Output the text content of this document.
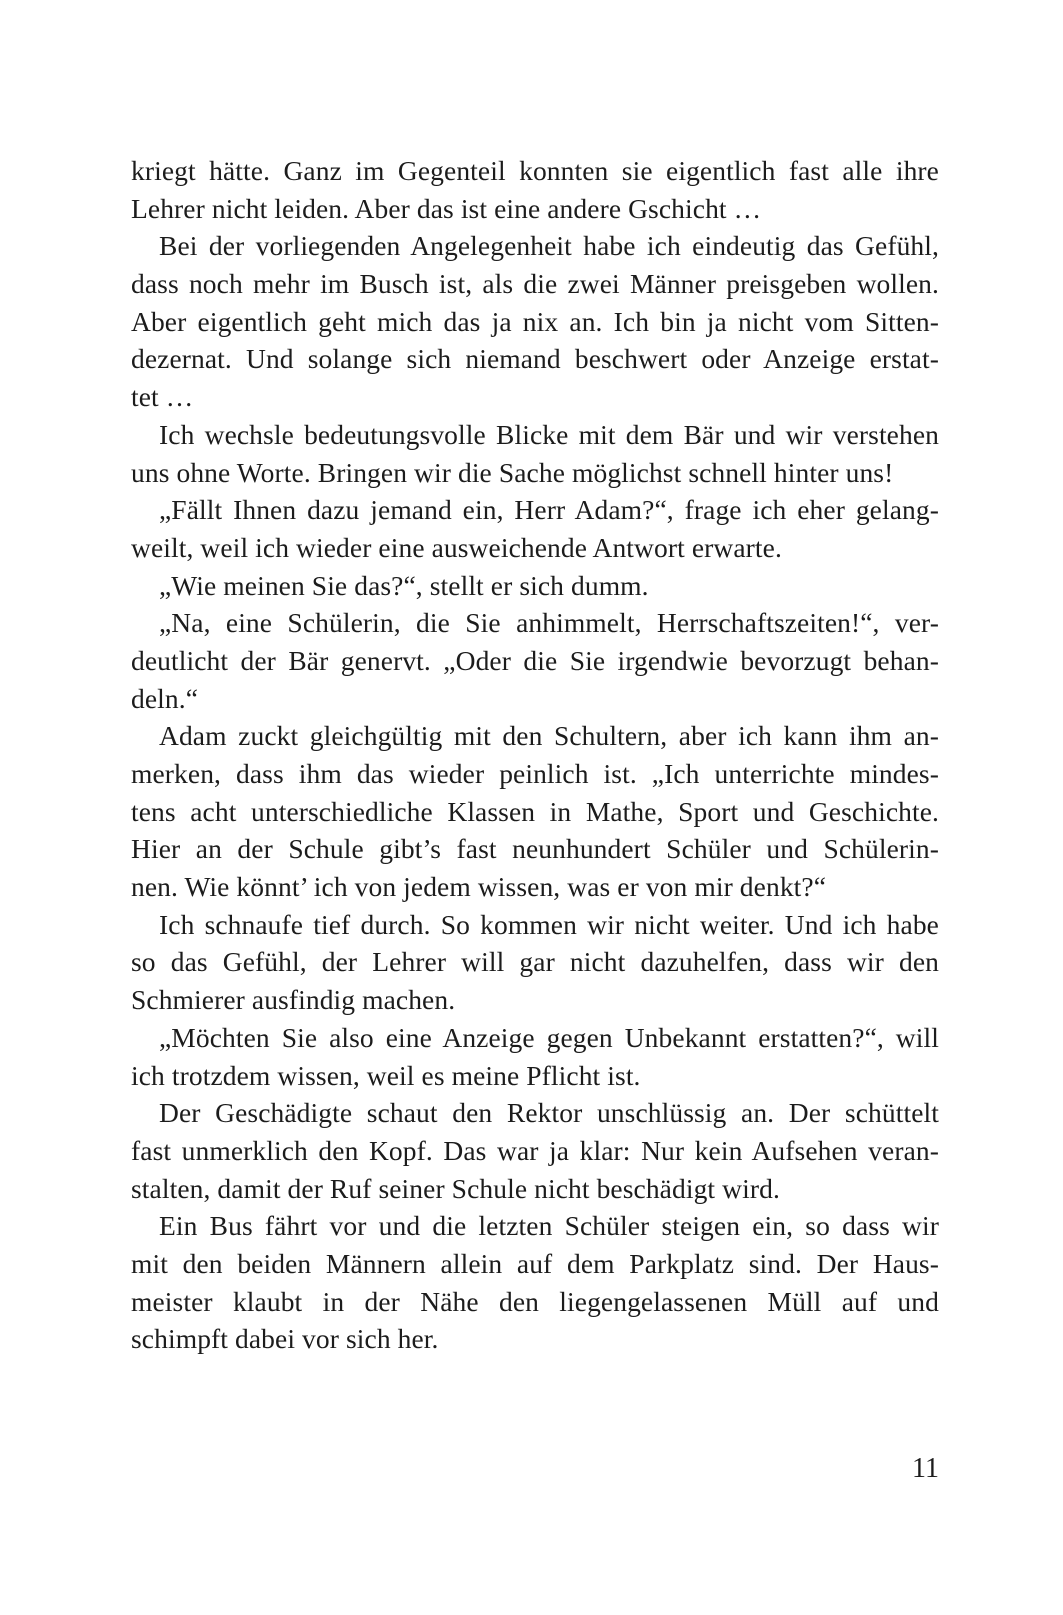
kriegt hätte. Ganz im Gegenteil konnten sie eigentlich fast alle ihre
Lehrer nicht leiden. Aber das ist eine andere Gschicht …
Bei der vorliegenden Angelegenheit habe ich eindeutig das Gefühl,
dass noch mehr im Busch ist, als die zwei Männer preisgeben wollen.
Aber eigentlich geht mich das ja nix an. Ich bin ja nicht vom Sitten-
dezernat. Und solange sich niemand beschwert oder Anzeige erstat-
tet …
Ich wechsle bedeutungsvolle Blicke mit dem Bär und wir verstehen
uns ohne Worte. Bringen wir die Sache möglichst schnell hinter uns!
„Fällt Ihnen dazu jemand ein, Herr Adam?“, frage ich eher gelang-
weilt, weil ich wieder eine ausweichende Antwort erwarte.
„Wie meinen Sie das?“, stellt er sich dumm.
„Na, eine Schülerin, die Sie anhimmelt, Herrschaftszeiten!“, ver-
deutlicht der Bär genervt. „Oder die Sie irgendwie bevorzugt behan-
deln.“
Adam zuckt gleichgültig mit den Schultern, aber ich kann ihm an-
merken, dass ihm das wieder peinlich ist. „Ich unterrichte mindes-
tens acht unterschiedliche Klassen in Mathe, Sport und Geschichte.
Hier an der Schule gibt’s fast neunhundert Schüler und Schülerin-
nen. Wie könnt’ ich von jedem wissen, was er von mir denkt?“
Ich schnaufe tief durch. So kommen wir nicht weiter. Und ich habe
so das Gefühl, der Lehrer will gar nicht dazuhelfen, dass wir den
Schmierer ausfindig machen.
„Möchten Sie also eine Anzeige gegen Unbekannt erstatten?“, will
ich trotzdem wissen, weil es meine Pflicht ist.
Der Geschädigte schaut den Rektor unschlüssig an. Der schüttelt
fast unmerklich den Kopf. Das war ja klar: Nur kein Aufsehen veran-
stalten, damit der Ruf seiner Schule nicht beschädigt wird.
Ein Bus fährt vor und die letzten Schüler steigen ein, so dass wir
mit den beiden Männern allein auf dem Parkplatz sind. Der Haus-
meister klaubt in der Nähe den liegengelassenen Müll auf und
schimpft dabei vor sich her.
11
